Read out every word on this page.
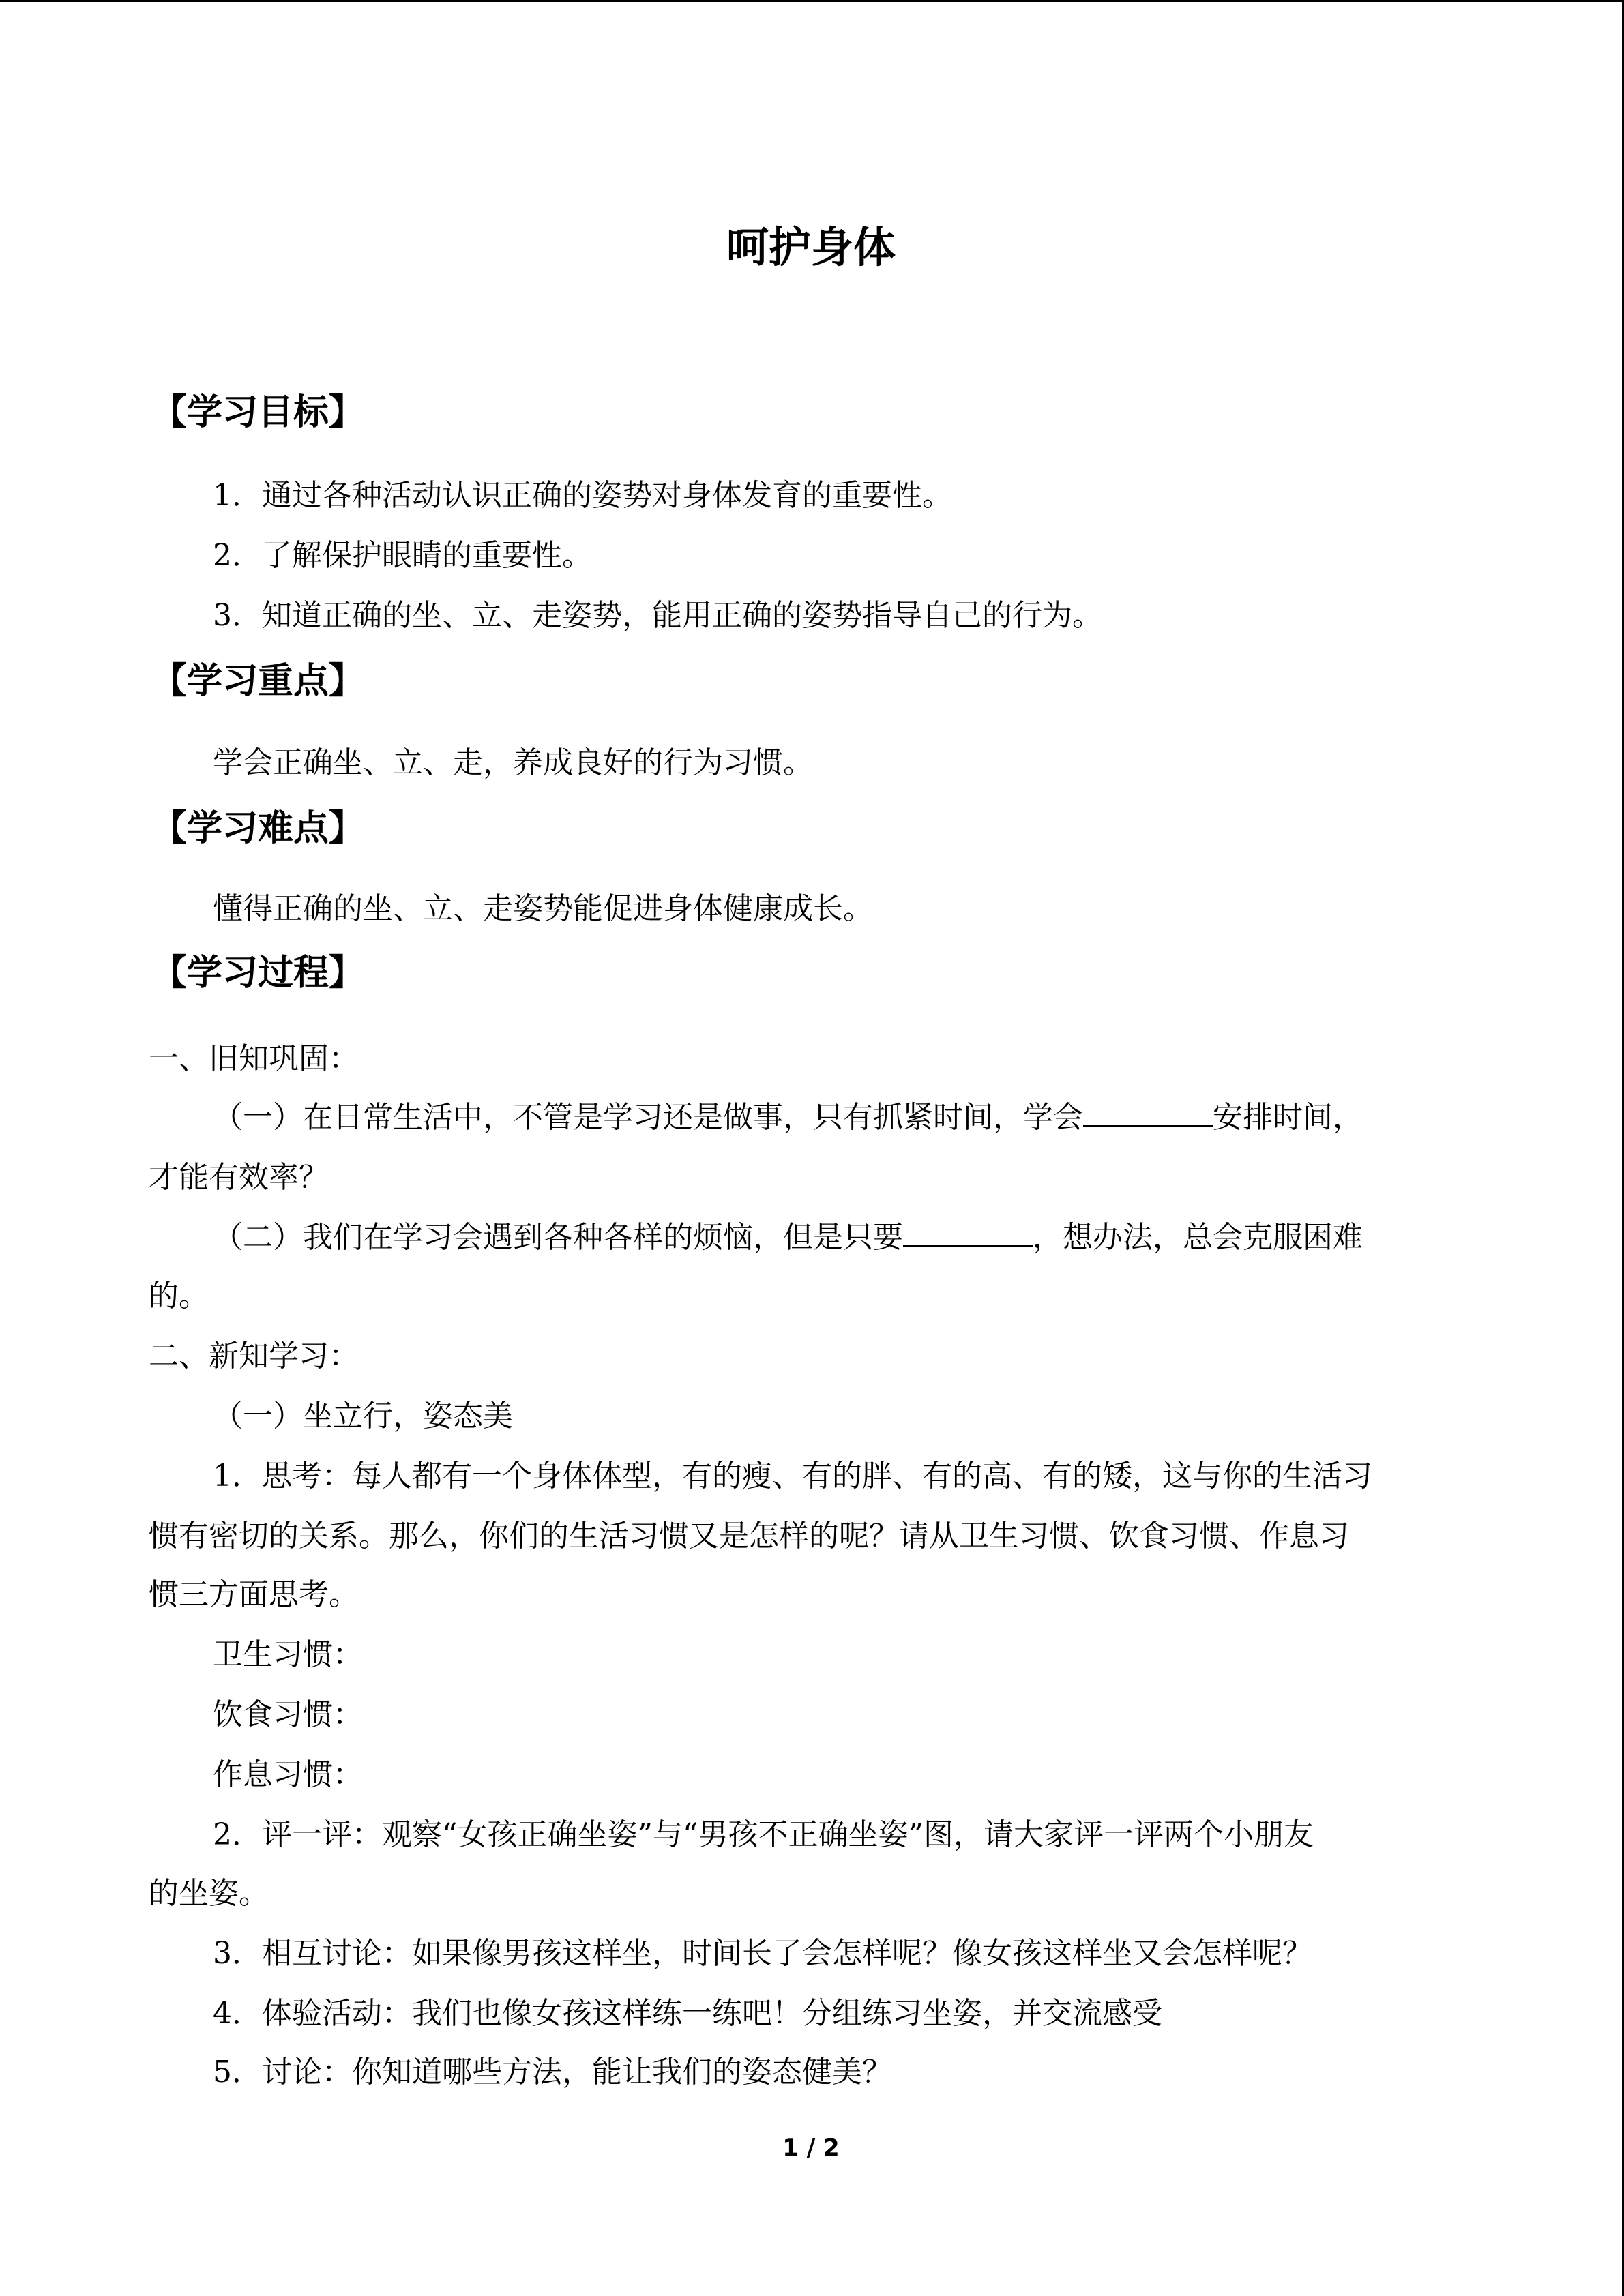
呵护身体
【学习目标】
1．通过各种活动认识正确的姿势对身体发育的重要性。
2．了解保护眼睛的重要性。
3．知道正确的坐、立、走姿势，能用正确的姿势指导自己的行为。
【学习重点】
学会正确坐、立、走，养成良好的行为习惯。
【学习难点】
懂得正确的坐、立、走姿势能促进身体健康成长。
【学习过程】
一、旧知巩固：
（一）在日常生活中，不管是学习还是做事，只有抓紧时间，学会	安排时间，
才能有效率？
（二）我们在学习会遇到各种各样的烦恼，但是只要	，想办法，总会克服困难
的。
二、新知学习：
（一）坐立行，姿态美
1．思考：每人都有一个身体体型，有的瘦、有的胖、有的高、有的矮，这与你的生活习
惯有密切的关系。那么，你们的生活习惯又是怎样的呢？请从卫生习惯、饮食习惯、作息习
惯三方面思考。
卫生习惯：
饮食习惯：
作息习惯：
2．评一评：观察“女孩正确坐姿”与“男孩不正确坐姿”图，请大家评一评两个小朋友
的坐姿。
3．相互讨论：如果像男孩这样坐，时间长了会怎样呢？像女孩这样坐又会怎样呢？
4．体验活动：我们也像女孩这样练一练吧！分组练习坐姿，并交流感受
5．讨论：你知道哪些方法，能让我们的姿态健美？
1 / 2
